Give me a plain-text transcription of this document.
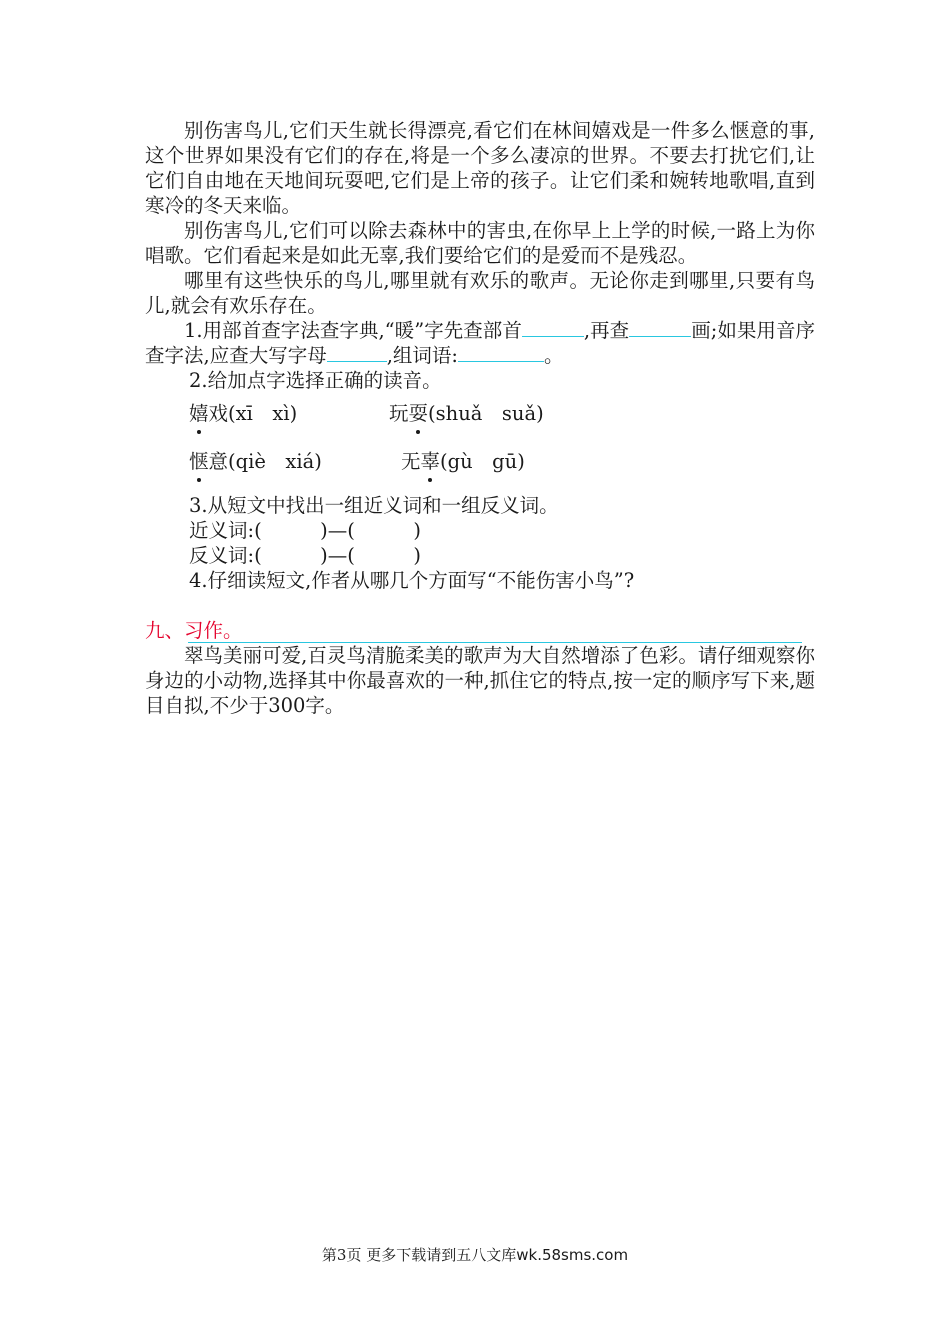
别伤害鸟儿,它们天生就长得漂亮,看它们在林间嬉戏是一件多么惬意的事,这个世界如果没有它们的存在,将是一个多么凄凉的世界。不要去打扰它们,让它们自由地在天地间玩耍吧,它们是上帝的孩子。让它们柔和婉转地歌唱,直到寒冷的冬天来临。

别伤害鸟儿,它们可以除去森林中的害虫,在你早上上学的时候,一路上为你唱歌。它们看起来是如此无辜,我们要给它们的是爱而不是残忍。

哪里有这些快乐的鸟儿,哪里就有欢乐的歌声。无论你走到哪里,只要有鸟儿,就会有欢乐存在。

1.用部首查字法查字典,“暖”字先查部首	,再查	画;如果用音序查字法,应查大写字母	,组词语:	。

2.给加点字选择正确的读音。

嬉戏(xī　xì)	玩耍(shuǎ　suǎ)
惬意(qiè　xiá)	无辜(gù　gū)

3.从短文中找出一组近义词和一组反义词。

近义词:(　　　)—(　　　)

反义词:(　　　)—(　　　)

4.仔细读短文,作者从哪几个方面写“不能伤害小鸟”?

九、习作。

翠鸟美丽可爱,百灵鸟清脆柔美的歌声为大自然增添了色彩。请仔细观察你身边的小动物,选择其中你最喜欢的一种,抓住它的特点,按一定的顺序写下来,题目自拟,不少于300字。

第3页 更多下载请到五八文库wk.58sms.com
